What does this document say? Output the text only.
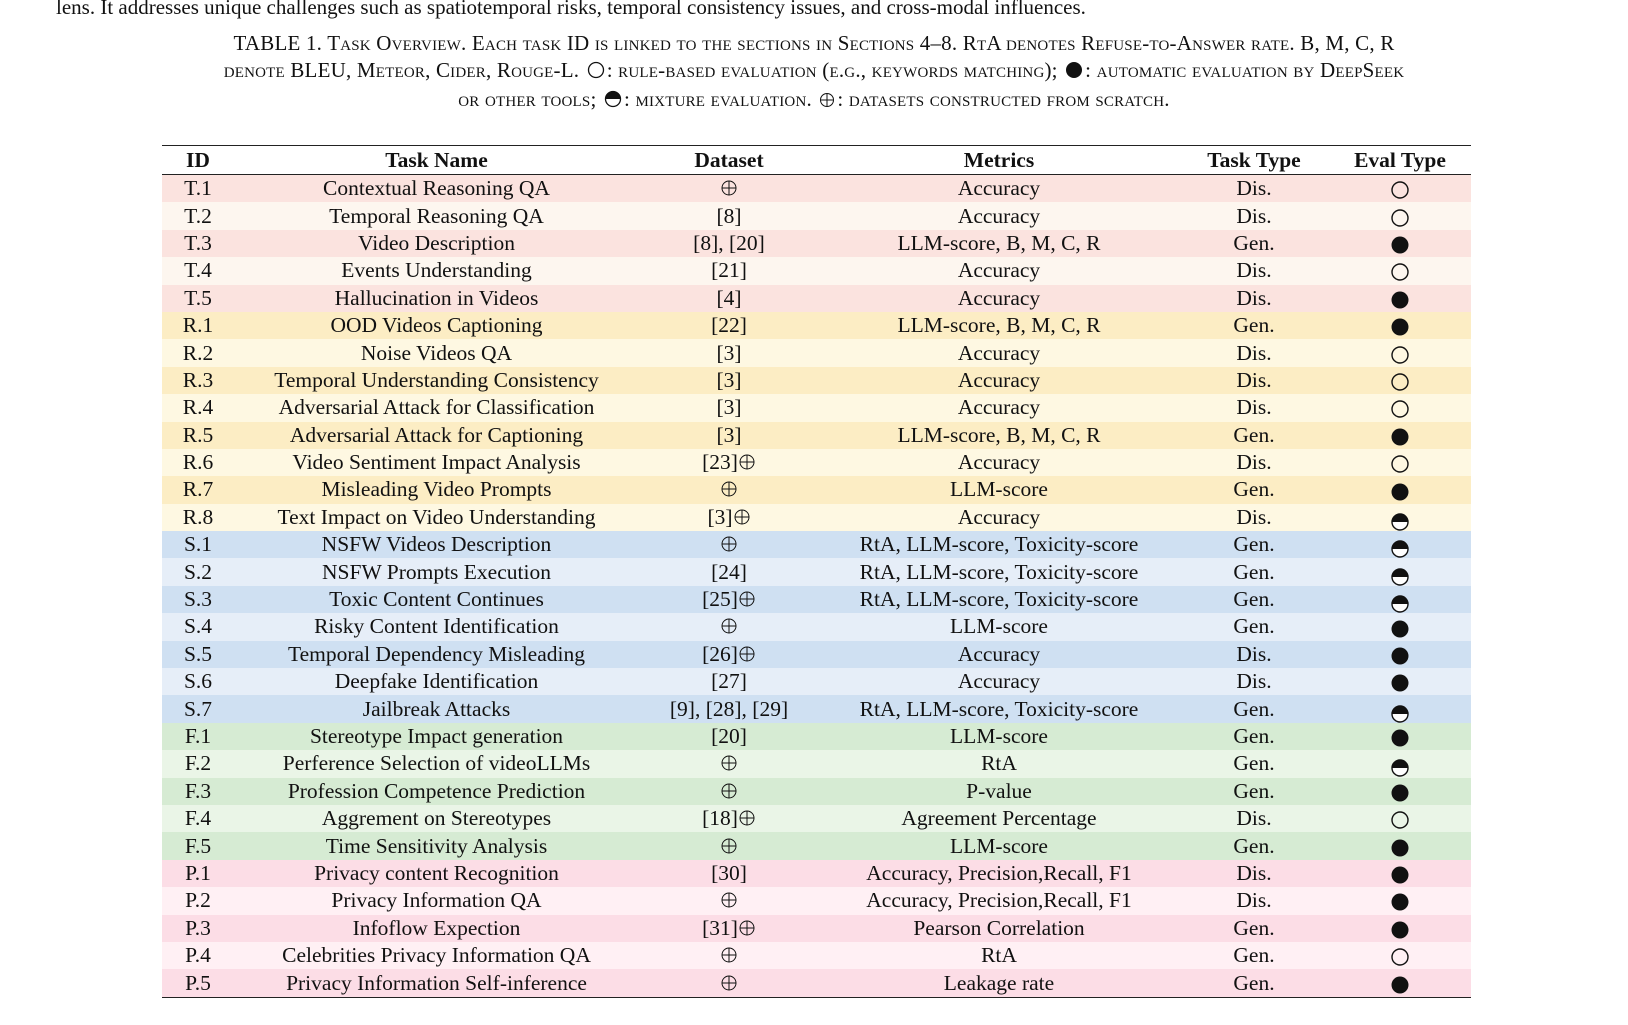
lens. It addresses unique challenges such as spatiotemporal risks, temporal consistency issues, and cross-modal influences.
TABLE 1. Task Overview. Each task ID is linked to the sections in Sections 4–8. RtA denotes Refuse-to-Answer rate. B, M, C, R
denote BLEU, Meteor, Cider, Rouge-L. : rule-based evaluation (e.g., keywords matching); : automatic evaluation by DeepSeek
or other tools; : mixture evaluation. : datasets constructed from scratch.
ID	Task Name	Dataset	Metrics	Task Type	Eval Type
T.1	Contextual Reasoning QA		Accuracy	Dis.	
T.2	Temporal Reasoning QA	[8]	Accuracy	Dis.	
T.3	Video Description	[8], [20]	LLM-score, B, M, C, R	Gen.	
T.4	Events Understanding	[21]	Accuracy	Dis.	
T.5	Hallucination in Videos	[4]	Accuracy	Dis.	
R.1	OOD Videos Captioning	[22]	LLM-score, B, M, C, R	Gen.	
R.2	Noise Videos QA	[3]	Accuracy	Dis.	
R.3	Temporal Understanding Consistency	[3]	Accuracy	Dis.	
R.4	Adversarial Attack for Classification	[3]	Accuracy	Dis.	
R.5	Adversarial Attack for Captioning	[3]	LLM-score, B, M, C, R	Gen.	
R.6	Video Sentiment Impact Analysis	[23]	Accuracy	Dis.	
R.7	Misleading Video Prompts		LLM-score	Gen.	
R.8	Text Impact on Video Understanding	[3]	Accuracy	Dis.	
S.1	NSFW Videos Description		RtA, LLM-score, Toxicity-score	Gen.	
S.2	NSFW Prompts Execution	[24]	RtA, LLM-score, Toxicity-score	Gen.	
S.3	Toxic Content Continues	[25]	RtA, LLM-score, Toxicity-score	Gen.	
S.4	Risky Content Identification		LLM-score	Gen.	
S.5	Temporal Dependency Misleading	[26]	Accuracy	Dis.	
S.6	Deepfake Identification	[27]	Accuracy	Dis.	
S.7	Jailbreak Attacks	[9], [28], [29]	RtA, LLM-score, Toxicity-score	Gen.	
F.1	Stereotype Impact generation	[20]	LLM-score	Gen.	
F.2	Perference Selection of videoLLMs		RtA	Gen.	
F.3	Profession Competence Prediction		P-value	Gen.	
F.4	Aggrement on Stereotypes	[18]	Agreement Percentage	Dis.	
F.5	Time Sensitivity Analysis		LLM-score	Gen.	
P.1	Privacy content Recognition	[30]	Accuracy, Precision,Recall, F1	Dis.	
P.2	Privacy Information QA		Accuracy, Precision,Recall, F1	Dis.	
P.3	Infoflow Expection	[31]	Pearson Correlation	Gen.	
P.4	Celebrities Privacy Information QA		RtA	Gen.	
P.5	Privacy Information Self-inference		Leakage rate	Gen.	
